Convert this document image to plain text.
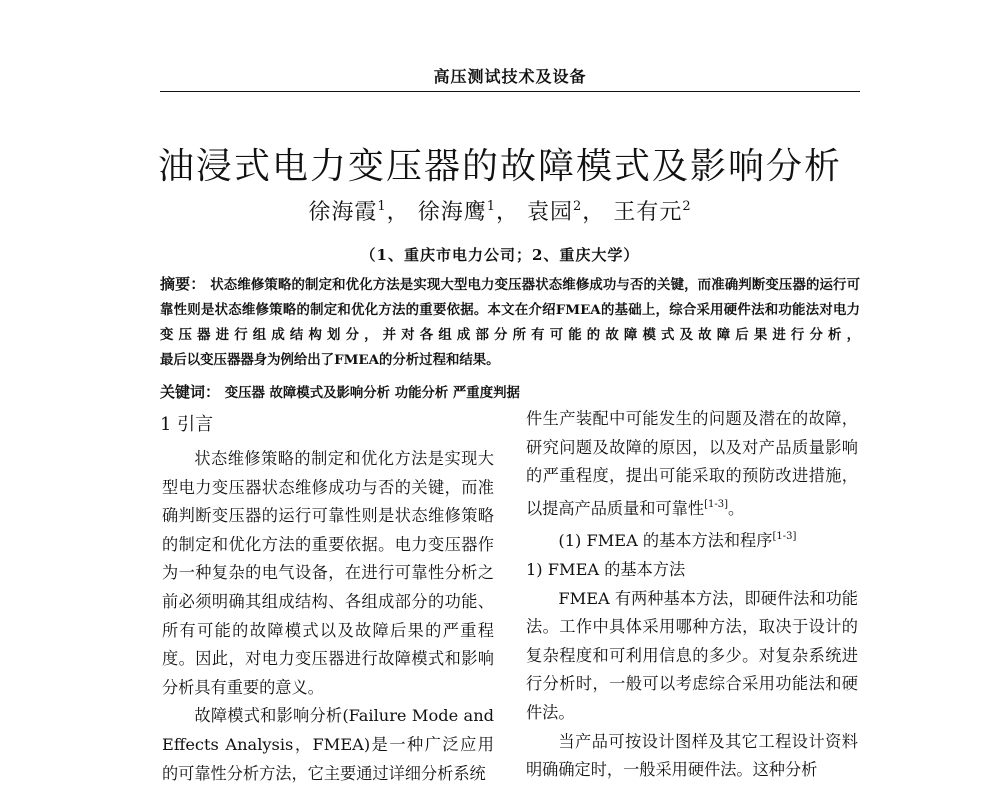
高压测试技术及设备
油浸式电力变压器的故障模式及影响分析
徐海霞$^1$， 徐海鹰$^1$， 袁园$^2$， 王有元$^2$
（1、重庆市电力公司；2、重庆大学）
摘要： 状态维修策略的制定和优化方法是实现大型电力变压器状态维修成功与否的关键，而准确判断变压器的运行可靠性则是状态维修策略的制定和优化方法的重要依据。本文在介绍FMEA的基础上，综合采用硬件法和功能法对电力变压器进行组成结构划分，并对各组成部分所有可能的故障模式及故障后果进行分析，
最后以变压器器身为例给出了FMEA的分析过程和结果。
关键词： 变压器 故障模式及影响分析 功能分析 严重度判据
1 引言

状态维修策略的制定和优化方法是实现大型电力变压器状态维修成功与否的关键，而准确判断变压器的运行可靠性则是状态维修策略的制定和优化方法的重要依据。电力变压器作为一种复杂的电气设备，在进行可靠性分析之前必须明确其组成结构、各组成部分的功能、所有可能的故障模式以及故障后果的严重程度。因此，对电力变压器进行故障模式和影响分析具有重要的意义。

故障模式和影响分析(Failure Mode and Effects Analysis，FMEA)是一种广泛应用的可靠性分析方法，它主要通过详细分析系统

件生产装配中可能发生的问题及潜在的故障，研究问题及故障的原因，以及对产品质量影响的严重程度，提出可能采取的预防改进措施，以提高产品质量和可靠性[1-3]。

(1) FMEA 的基本方法和程序[1-3]

1) FMEA 的基本方法

FMEA 有两种基本方法，即硬件法和功能法。工作中具体采用哪种方法，取决于设计的复杂程度和可利用信息的多少。对复杂系统进行分析时，一般可以考虑综合采用功能法和硬件法。

当产品可按设计图样及其它工程设计资料明确确定时，一般采用硬件法。这种分析
